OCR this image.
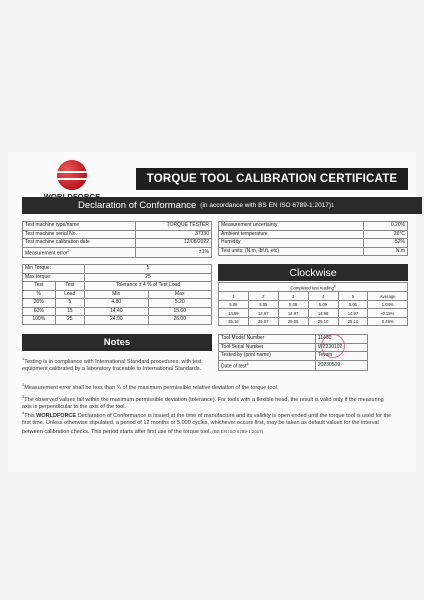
TORQUE TOOL CALIBRATION CERTIFICATE
Declaration of Conformance (in accordance with BS EN ISO 6789-1:2017) 1
Test machine type/name	TORQUE TESTER
Test machine serial No.	37330
Test machine calibration date	12/08/2022
Measurement error$^2$	±1%
Measurement uncertainty	0.20%
Ambient temperature	26°C
Humidity	52%
Test units: (N.m, lbf.ft, etc)	N.m
Min Torque:		5	
Max torque:		25	
Test	Test	Tolerance ± 4 % of Test Load	
%	Load	Min	Max
20%	5	4.80	5.20
60%	15	14.40	15.60
100%	25	24.00	26.00
Clockwise
Completed test reading$^3$
1	2	3	4	5	Average
5.06	5.05	5.05	5.09	5.06	1.04%
14.99	14.97	14.97	14.98	14.97	-0.15%
25.16	25.07	25.05	25.10	25.14	0.46%
Notes	Tool Model Number	11480
Tool Serial Number	WZ230102
Tested by (print name)	Tevain
Date of test$^4$	20230509
$^1$Testing is in compliance with International Standard procedures, with test equipment calibrated by a laboratory traceable to International Standards.
$^2$Measurement error shall be less than ¼ of the maximum permissible relative deviation of the torque tool.
$^3$The observed values fall within the maximum permissible deviation (tolerance). For tools with a flexible head, the result is valid only if the measuring axis is perpendicular to the axis of the tool.
$^4$This WORLDFORCE Declaration of Conformance is issued at the time of manufacture and its validity is open ended until the torque tool is used for the first time. Unless otherwise stipulated, a period of 12 months or 5,000 cycles, whichever occurs first, may be taken as default values for the interval between calibration checks. This period starts after first use of the torque tool. (BS EN ISO 6789-1:2017)
